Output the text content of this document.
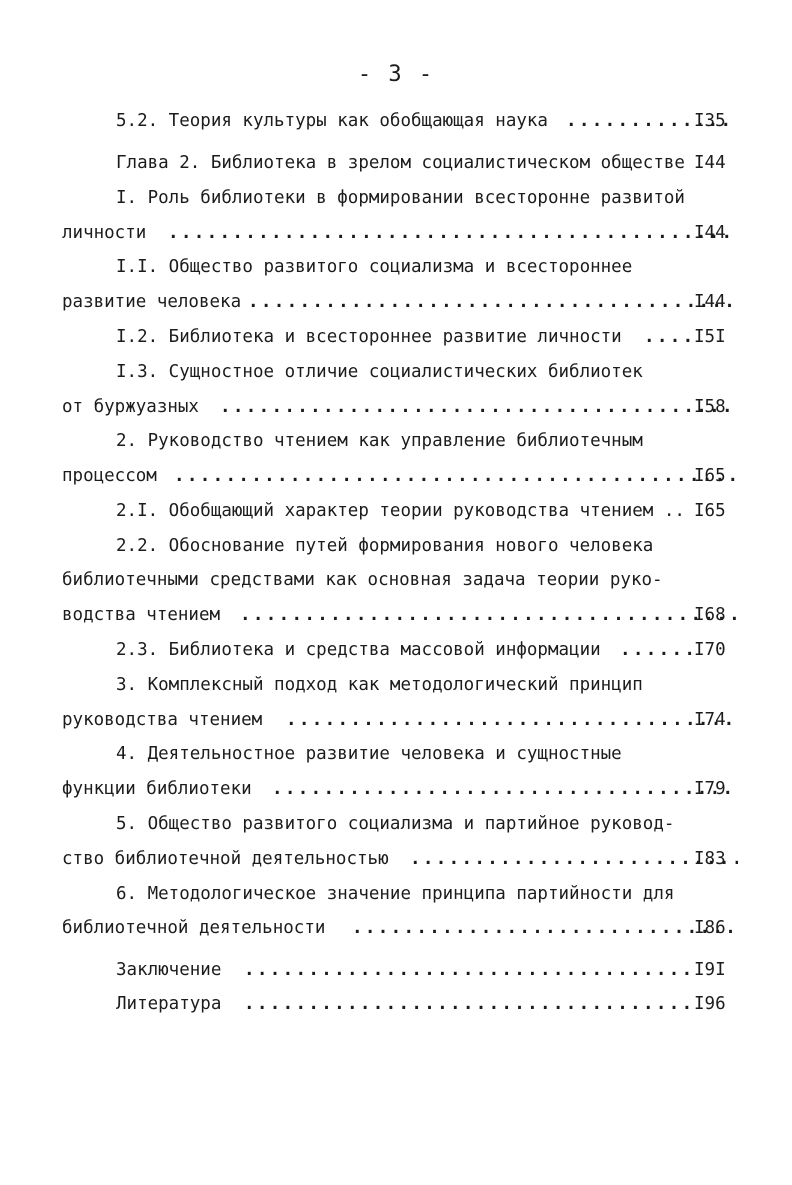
- 3 -
5.2. Теория культуры как обобщающая наука . . .	I35
Глава 2. Библиотека в зрелом социалистическом обществе I44
I. Роль библиотеки в формировании всесторонне развитой
личности . . .	I44
I.I. Общество развитого социализма и всестороннее
развитие человека . . .	I44
I.2. Библиотека и всестороннее развитие личности . . .	I5I
I.3. Сущностное отличие социалистических библиотек
от буржуазных . . .	I58
2. Руководство чтением как управление библиотечным
процессом . . .	I65
2.I. Обобщающий характер теории руководства чтением .. I65
2.2. Обоснование путей формирования нового человека
библиотечными средствами как основная задача теории руко-
водства чтением . . .	I68
2.3. Библиотека и средства массовой информации . . .	I70
3. Комплексный подход как методологический принцип
руководства чтением . . .	I74
4. Деятельностное развитие человека и сущностные
функции библиотеки . . .	I79
5. Общество развитого социализма и партийное руковод-
ство библиотечной деятельностью . . .	I83
6. Методологическое значение принципа партийности для
библиотечной деятельности . . .	I86
Заключение . . .	I9I
Литература . . .	I96
